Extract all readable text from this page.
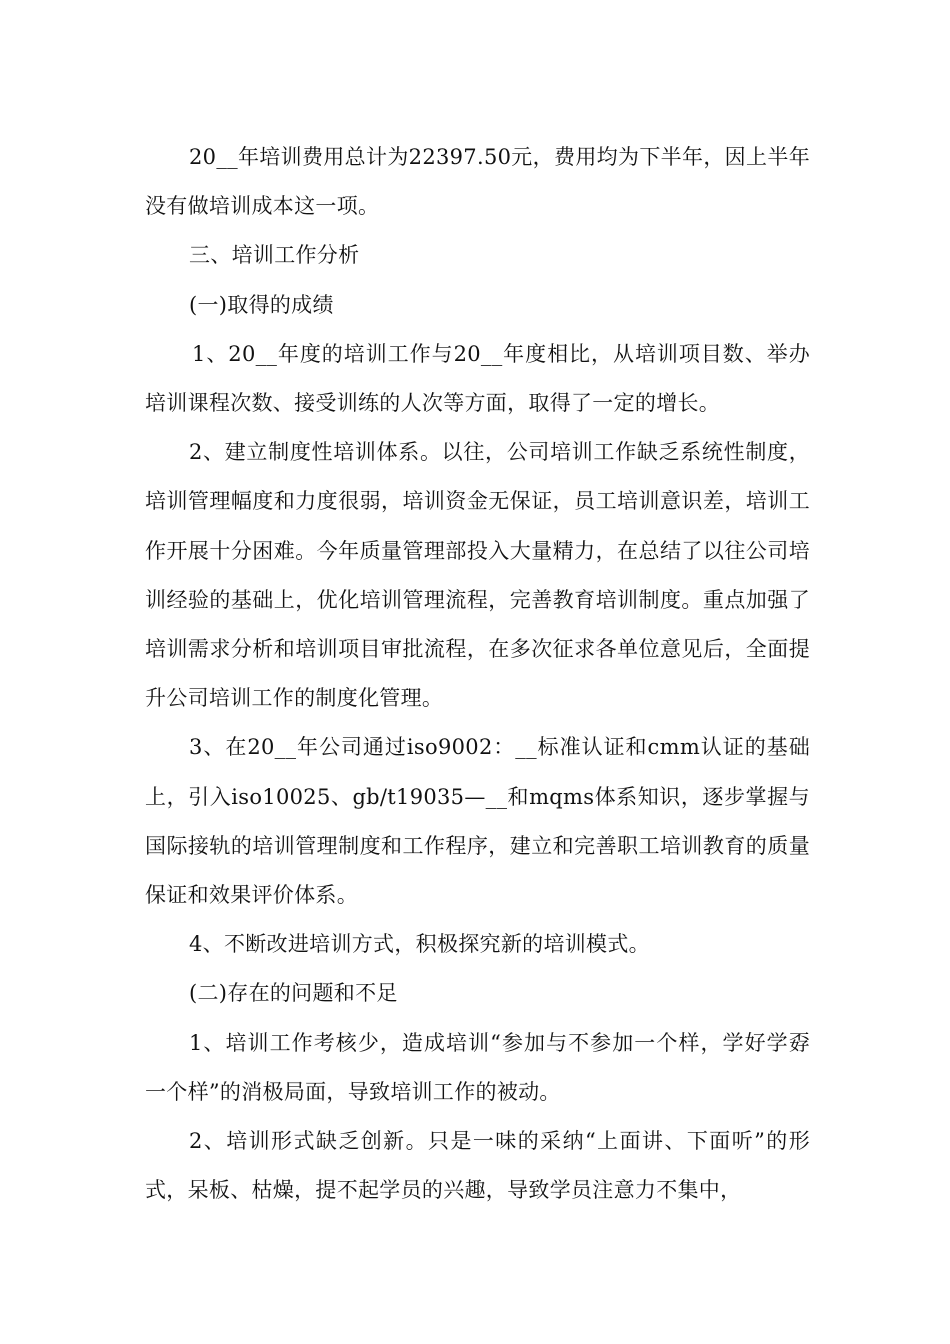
20__年培训费用总计为22397.50元，费用均为下半年，因上半年没有做培训成本这一项。

三、培训工作分析

(一)取得的成绩

1、20__年度的培训工作与20__年度相比，从培训项目数、举办培训课程次数、接受训练的人次等方面，取得了一定的增长。

2、建立制度性培训体系。以往，公司培训工作缺乏系统性制度，培训管理幅度和力度很弱，培训资金无保证，员工培训意识差，培训工作开展十分困难。今年质量管理部投入大量精力，在总结了以往公司培训经验的基础上，优化培训管理流程，完善教育培训制度。重点加强了培训需求分析和培训项目审批流程，在多次征求各单位意见后，全面提升公司培训工作的制度化管理。

3、在20__年公司通过iso9002：__标准认证和cmm认证的基础上，引入iso10025、gb/t19035—__和mqms体系知识，逐步掌握与国际接轨的培训管理制度和工作程序，建立和完善职工培训教育的质量保证和效果评价体系。

4、不断改进培训方式，积极探究新的培训模式。

(二)存在的问题和不足

1、培训工作考核少，造成培训“参加与不参加一个样，学好学孬一个样”的消极局面，导致培训工作的被动。

2、培训形式缺乏创新。只是一味的采纳“上面讲、下面听”的形式，呆板、枯燥，提不起学员的兴趣，导致学员注意力不集中，
